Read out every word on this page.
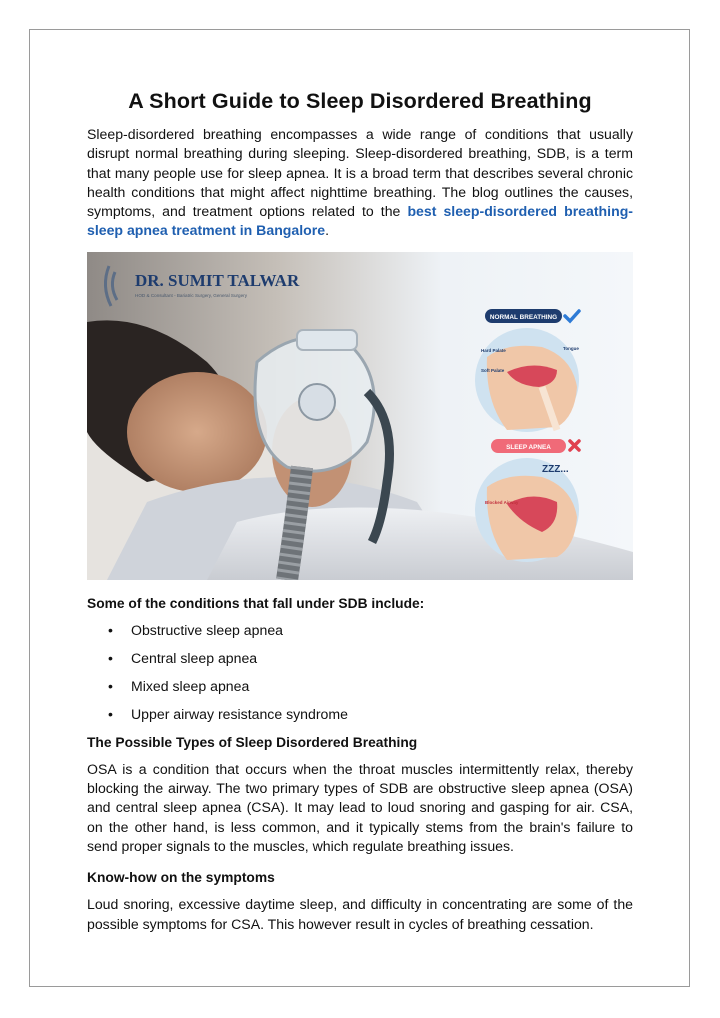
A Short Guide to Sleep Disordered Breathing

Sleep-disordered breathing encompasses a wide range of conditions that usually disrupt normal breathing during sleeping. Sleep-disordered breathing, SDB, is a term that many people use for sleep apnea. It is a broad term that describes several chronic health conditions that might affect nighttime breathing. The blog outlines the causes, symptoms, and treatment options related to the best sleep-disordered breathing-sleep apnea treatment in Bangalore.

DR. SUMIT TALWAR
HOD & Consultant - Bariatric Surgery, General Surgery
NORMAL BREATHING
Hard Palate
Soft Palate
Tongue
SLEEP APNEA
ZZZ...
Blocked Airway

Some of the conditions that fall under SDB include:

• Obstructive sleep apnea
• Central sleep apnea
• Mixed sleep apnea
• Upper airway resistance syndrome

The Possible Types of Sleep Disordered Breathing

OSA is a condition that occurs when the throat muscles intermittently relax, thereby blocking the airway. The two primary types of SDB are obstructive sleep apnea (OSA) and central sleep apnea (CSA). It may lead to loud snoring and gasping for air. CSA, on the other hand, is less common, and it typically stems from the brain's failure to send proper signals to the muscles, which regulate breathing issues.

Know-how on the symptoms

Loud snoring, excessive daytime sleep, and difficulty in concentrating are some of the possible symptoms for CSA. This however result in cycles of breathing cessation.
